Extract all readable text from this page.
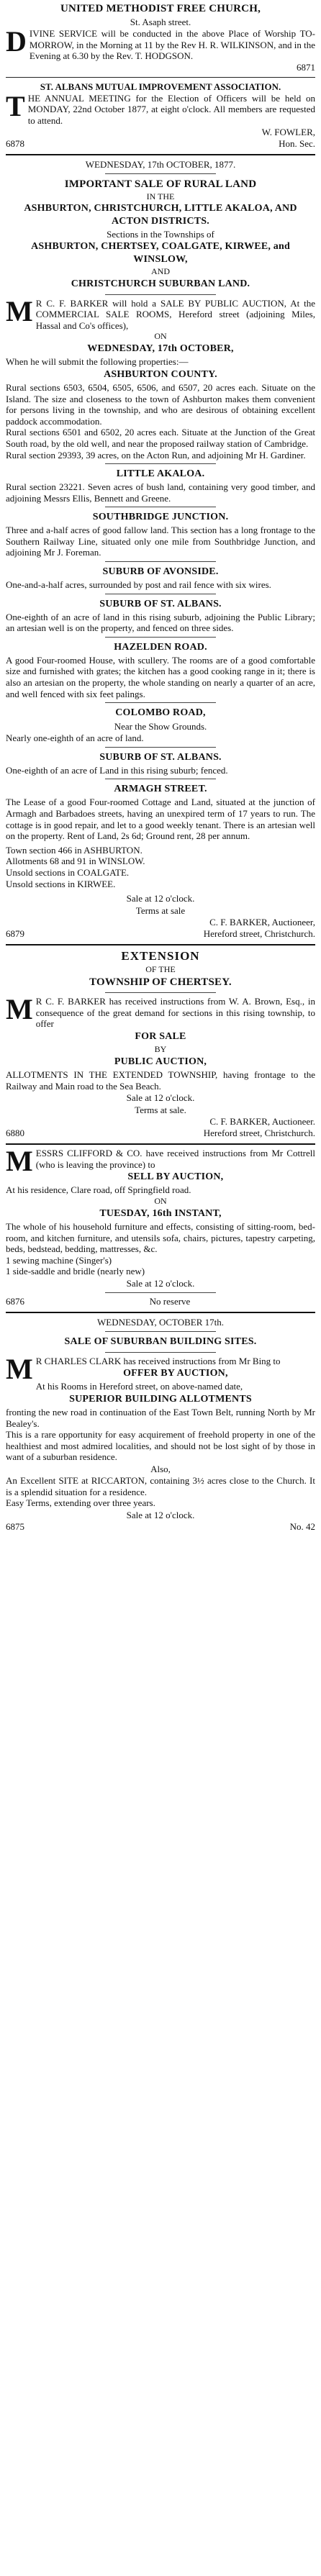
UNITED METHODIST FREE CHURCH,
St. Asaph street.

DIVINE SERVICE will be conducted in the above Place of Worship TO-MORROW, in the Morning at 11 by the Rev H. R. WILKINSON, and in the Evening at 6.30 by the Rev. T. HODGSON.

6871
ST. ALBANS MUTUAL IMPROVEMENT ASSOCIATION.

THE ANNUAL MEETING for the Election of Officers will be held on MONDAY, 22nd October 1877, at eight o'clock. All members are requested to attend.

W. FOWLER,
6878	Hon. Sec.
WEDNESDAY, 17th OCTOBER, 1877.
IMPORTANT SALE OF RURAL LAND
IN THE
ASHBURTON, CHRISTCHURCH, LITTLE AKALOA, AND ACTON DISTRICTS.
Sections in the Townships of
ASHBURTON, CHERTSEY, COALGATE, KIRWEE, and WINSLOW,
AND
CHRISTCHURCH SUBURBAN LAND.

M R C. F. BARKER will hold a SALE BY PUBLIC AUCTION, At the COMMERCIAL SALE ROOMS, Hereford street (adjoining Miles, Hassal and Co's offices),

ON
WEDNESDAY, 17th OCTOBER,

When he will submit the following properties:—

ASHBURTON COUNTY.

Rural sections 6503, 6504, 6505, 6506, and 6507, 20 acres each. Situate on the Island. The size and closeness to the town of Ashburton makes them convenient for persons living in the township, and who are desirous of obtaining excellent paddock accommodation.

Rural sections 6501 and 6502, 20 acres each. Situate at the Junction of the Great South road, by the old well, and near the proposed railway station of Cambridge.

Rural section 29393, 39 acres, on the Acton Run, and adjoining Mr H. Gardiner.

LITTLE AKALOA.

Rural section 23221. Seven acres of bush land, containing very good timber, and adjoining Messrs Ellis, Bennett and Greene.

SOUTHBRIDGE JUNCTION.

Three and a-half acres of good fallow land. This section has a long frontage to the Southern Railway Line, situated only one mile from Southbridge Junction, and adjoining Mr J. Foreman.

SUBURB OF AVONSIDE.

One-and-a-half acres, surrounded by post and rail fence with six wires.

SUBURB OF ST. ALBANS.

One-eighth of an acre of land in this rising suburb, adjoining the Public Library; an artesian well is on the property, and fenced on three sides.

HAZELDEN ROAD.

A good Four-roomed House, with scullery. The rooms are of a good comfortable size and furnished with grates; the kitchen has a good cooking range in it; there is also an artesian on the property, the whole standing on nearly a quarter of an acre, and well fenced with six feet palings.

COLOMBO ROAD,
Near the Show Grounds.

Nearly one-eighth of an acre of land.

SUBURB OF ST. ALBANS.

One-eighth of an acre of Land in this rising suburb; fenced.

ARMAGH STREET.

The Lease of a good Four-roomed Cottage and Land, situated at the junction of Armagh and Barbadoes streets, having an unexpired term of 17 years to run. The cottage is in good repair, and let to a good weekly tenant. There is an artesian well on the property. Rent of Land, 2s 6d; Ground rent, 28 per annum.

Town section 466 in ASHBURTON.

Allotments 68 and 91 in WINSLOW.

Unsold sections in COALGATE.

Unsold sections in KIRWEE.

Sale at 12 o'clock.
Terms at sale
C. F. BARKER, Auctioneer,
6879	Hereford street, Christchurch.
EXTENSION
OF THE
TOWNSHIP OF CHERTSEY.

M R C. F. BARKER has received instructions from W. A. Brown, Esq., in consequence of the great demand for sections in this rising township, to offer

FOR SALE
BY
PUBLIC AUCTION,

ALLOTMENTS IN THE EXTENDED TOWNSHIP, having frontage to the Railway and Main road to the Sea Beach.

Sale at 12 o'clock.
Terms at sale.
C. F. BARKER, Auctioneer.
6880	Hereford street, Christchurch.

MESSRS CLIFFORD & CO. have received instructions from Mr Cottrell (who is leaving the province) to

SELL BY AUCTION,

At his residence, Clare road, off Springfield road.

ON
TUESDAY, 16th INSTANT,

The whole of his household furniture and effects, consisting of sitting-room, bed-room, and kitchen furniture, and utensils sofa, chairs, pictures, tapestry carpeting, beds, bedstead, bedding, mattresses, &c.

1 sewing machine (Singer's)

1 side-saddle and bridle (nearly new)

Sale at 12 o'clock.
6876	No reserve
WEDNESDAY, OCTOBER 17th.
SALE OF SUBURBAN BUILDING SITES.

M R CHARLES CLARK has received instructions from Mr Bing to

OFFER BY AUCTION,

At his Rooms in Hereford street, on above-named date,

SUPERIOR BUILDING ALLOTMENTS

fronting the new road in continuation of the East Town Belt, running North by Mr Bealey's.

This is a rare opportunity for easy acquirement of freehold property in one of the healthiest and most admired localities, and should not be lost sight of by those in want of a suburban residence.

Also,

An Excellent SITE at RICCARTON, containing 3½ acres close to the Church. It is a splendid situation for a residence.

Easy Terms, extending over three years.

Sale at 12 o'clock.
6875	No. 42
